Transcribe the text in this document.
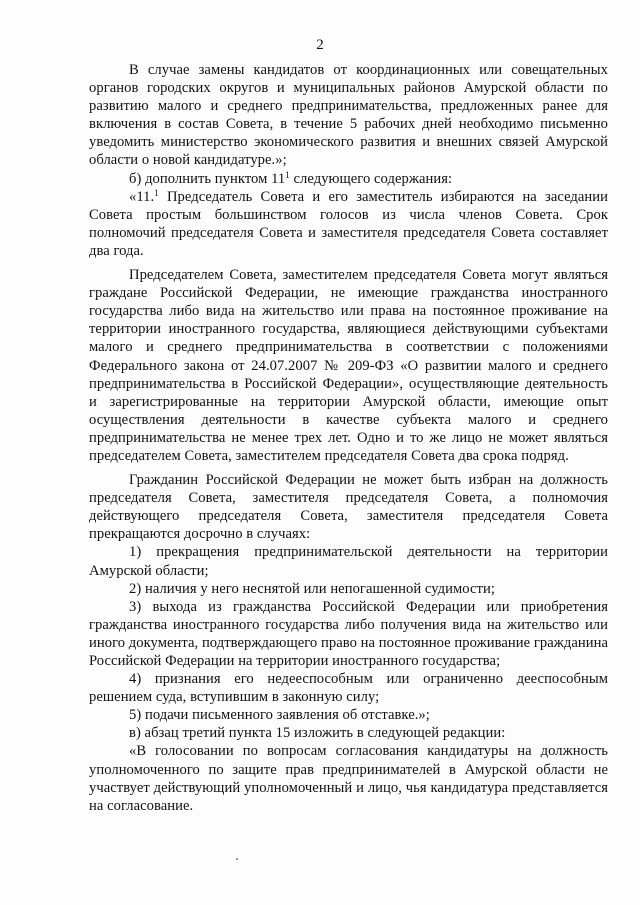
2

В случае замены кандидатов от координационных или совещательных органов городских округов и муниципальных районов Амурской области по развитию малого и среднего предпринимательства, предложенных ранее для включения в состав Совета, в течение 5 рабочих дней необходимо письменно уведомить министерство экономического развития и внешних связей Амурской области о новой кандидатуре.»;

б) дополнить пунктом $11^1$ следующего содержания:

«11.$^1$ Председатель Совета и его заместитель избираются на заседании Совета простым большинством голосов из числа членов Совета. Срок полномочий председателя Совета и заместителя председателя Совета составляет два года.

Председателем Совета, заместителем председателя Совета могут являться граждане Российской Федерации, не имеющие гражданства иностранного государства либо вида на жительство или права на постоянное проживание на территории иностранного государства, являющиеся действующими субъектами малого и среднего предпринимательства в соответствии с положениями Федерального закона от 24.07.2007 № 209-ФЗ «О развитии малого и среднего предпринимательства в Российской Федерации», осуществляющие деятельность и зарегистрированные на территории Амурской области, имеющие опыт осуществления деятельности в качестве субъекта малого и среднего предпринимательства не менее трех лет. Одно и то же лицо не может являться председателем Совета, заместителем председателя Совета два срока подряд.

Гражданин Российской Федерации не может быть избран на должность председателя Совета, заместителя председателя Совета, а полномочия действующего председателя Совета, заместителя председателя Совета прекращаются досрочно в случаях:

1) прекращения предпринимательской деятельности на территории Амурской области;

2) наличия у него неснятой или непогашенной судимости;

3) выхода из гражданства Российской Федерации или приобретения гражданства иностранного государства либо получения вида на жительство или иного документа, подтверждающего право на постоянное проживание гражданина Российской Федерации на территории иностранного государства;

4) признания его недееспособным или ограниченно дееспособным решением суда, вступившим в законную силу;

5) подачи письменного заявления об отставке.»;

в) абзац третий пункта 15 изложить в следующей редакции:

«В голосовании по вопросам согласования кандидатуры на должность уполномоченного по защите прав предпринимателей в Амурской области не участвует действующий уполномоченный и лицо, чья кандидатура представляется на согласование.
